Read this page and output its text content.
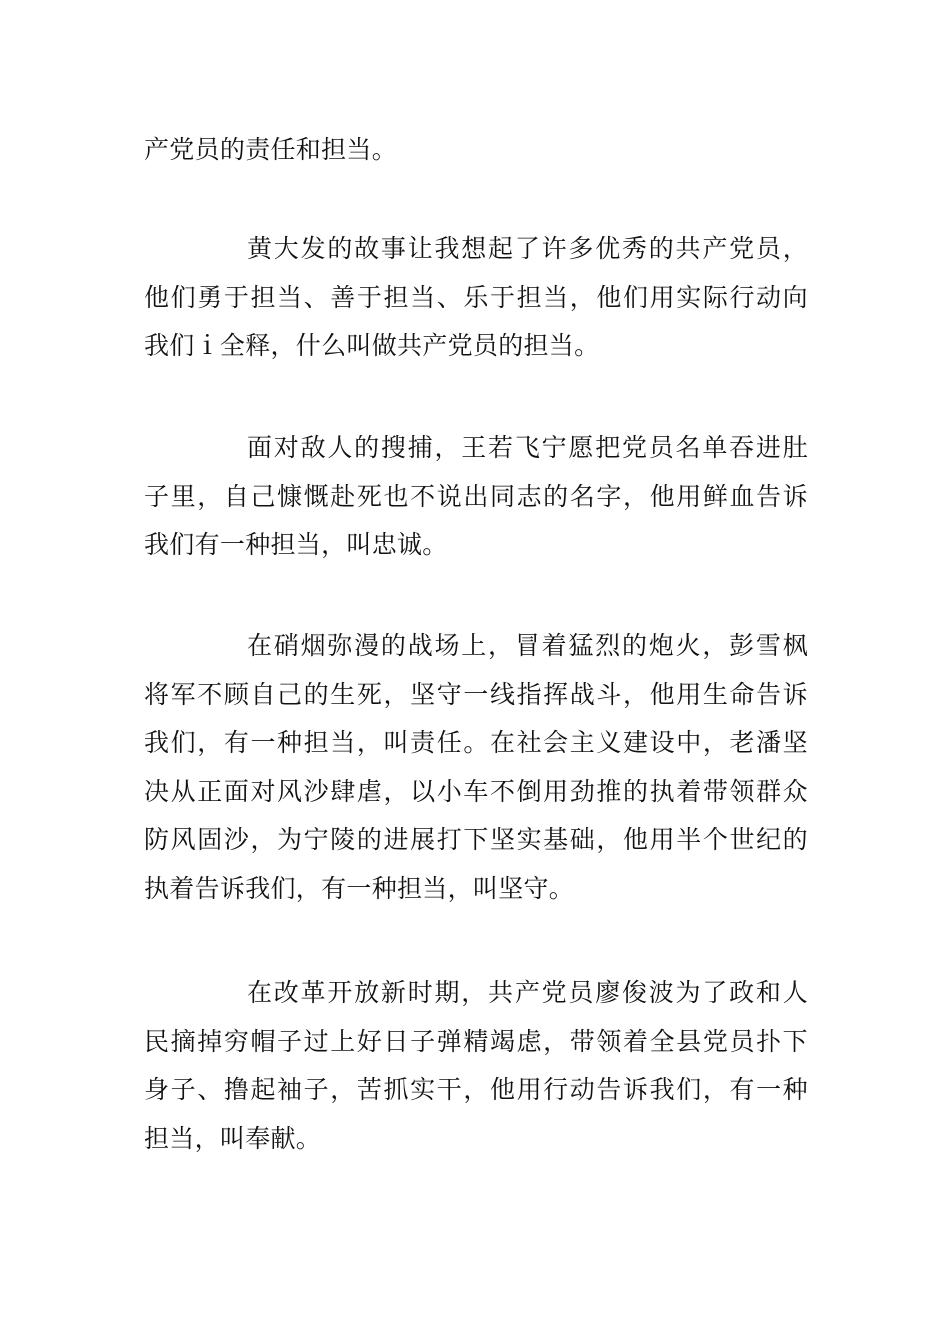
产党员的责任和担当。

黄大发的故事让我想起了许多优秀的共产党员，
他们勇于担当、善于担当、乐于担当，他们用实际行动向
我们ｉ全释，什么叫做共产党员的担当。

面对敌人的搜捕，王若飞宁愿把党员名单吞进肚
子里，自己慷慨赴死也不说出同志的名字，他用鲜血告诉
我们有一种担当，叫忠诚。

在硝烟弥漫的战场上，冒着猛烈的炮火，彭雪枫
将军不顾自己的生死，坚守一线指挥战斗，他用生命告诉
我们，有一种担当，叫责任。在社会主义建设中，老潘坚
决从正面对风沙肆虐，以小车不倒用劲推的执着带领群众
防风固沙，为宁陵的进展打下坚实基础，他用半个世纪的
执着告诉我们，有一种担当，叫坚守。

在改革开放新时期，共产党员廖俊波为了政和人
民摘掉穷帽子过上好日子弹精竭虑，带领着全县党员扑下
身子、撸起袖子，苦抓实干，他用行动告诉我们，有一种
担当，叫奉献。
